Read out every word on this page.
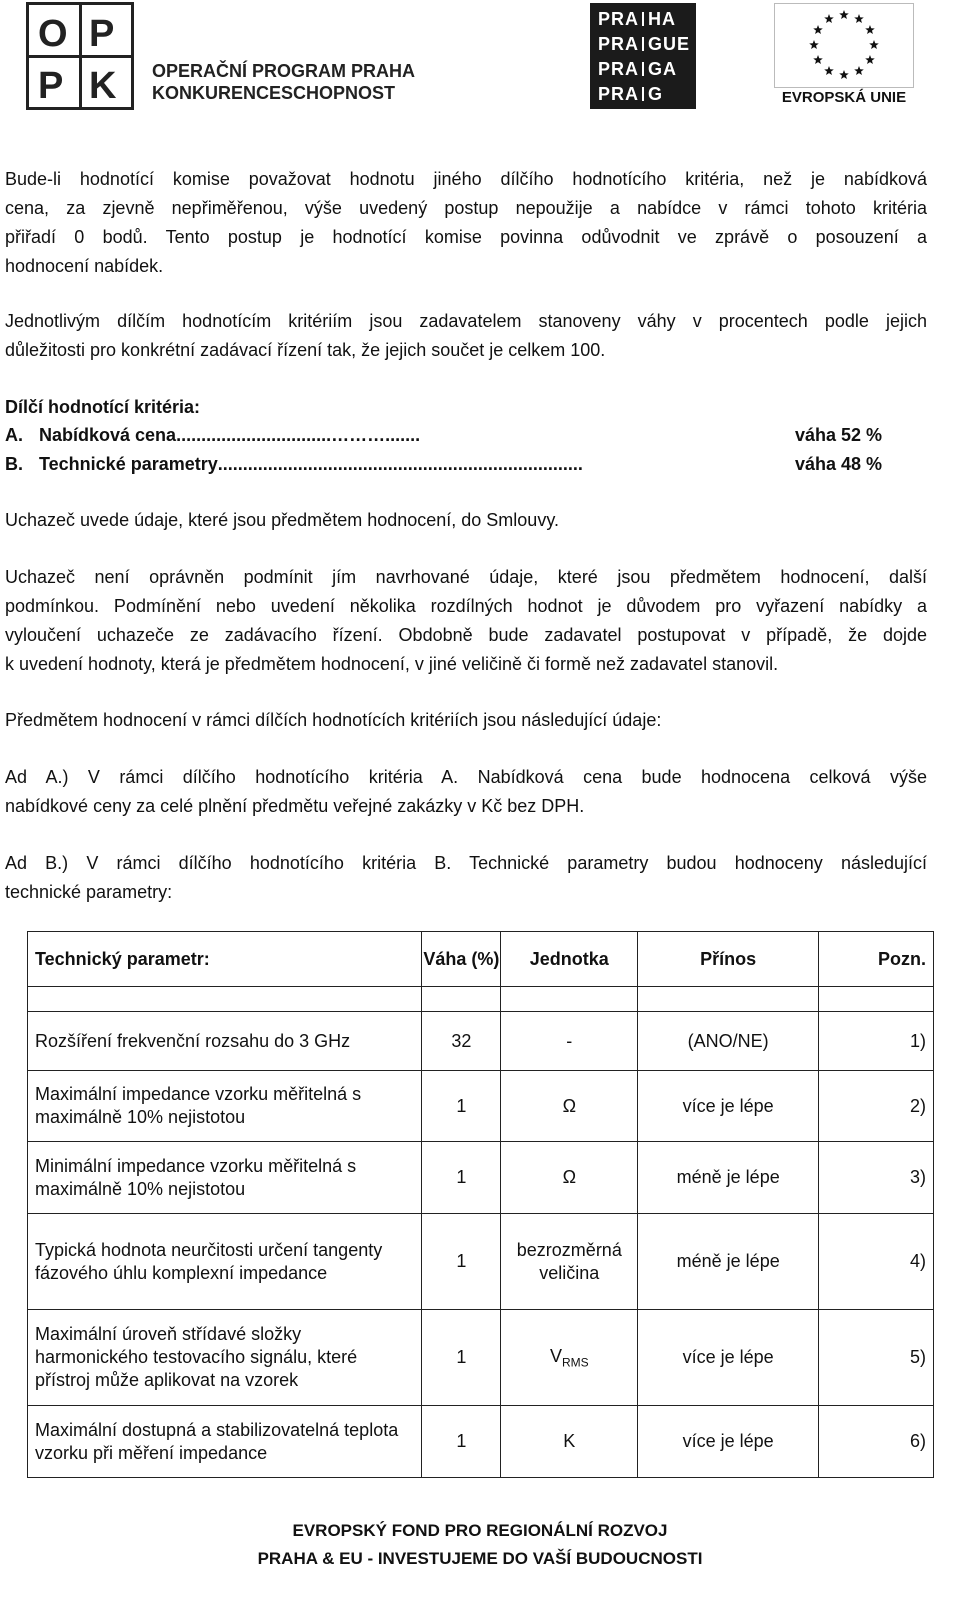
O P
P K OPERAČNÍ PROGRAM PRAHA
KONKURENCESCHOPNOST
PRA HA
PRA GUE
PRA GA
PRA G	EVROPSKÁ UNIE
Bude-li hodnotící komise považovat hodnotu jiného dílčího hodnotícího kritéria, než je nabídková
cena, za zjevně nepřiměřenou, výše uvedený postup nepoužije a nabídce v rámci tohoto kritéria
přiřadí 0 bodů. Tento postup je hodnotící komise povinna odůvodnit ve zprávě o posouzení a
hodnocení nabídek.
Jednotlivým dílčím hodnotícím kritériím jsou zadavatelem stanoveny váhy v procentech podle jejich
důležitosti pro konkrétní zadávací řízení tak, že jejich součet je celkem 100.
Dílčí hodnotící kritéria:
A. Nabídková cena...............................……….......	váha 52 %
B. Technické parametry.........................................................................	váha 48 %
Uchazeč uvede údaje, které jsou předmětem hodnocení, do Smlouvy.
Uchazeč není oprávněn podmínit jím navrhované údaje, které jsou předmětem hodnocení, další
podmínkou. Podmínění nebo uvedení několika rozdílných hodnot je důvodem pro vyřazení nabídky a
vyloučení uchazeče ze zadávacího řízení. Obdobně bude zadavatel postupovat v případě, že dojde
k uvedení hodnoty, která je předmětem hodnocení, v jiné veličině či formě než zadavatel stanovil.
Předmětem hodnocení v rámci dílčích hodnotících kritériích jsou následující údaje:
Ad A.) V rámci dílčího hodnotícího kritéria A. Nabídková cena bude hodnocena celková výše
nabídkové ceny za celé plnění předmětu veřejné zakázky v Kč bez DPH.
Ad B.) V rámci dílčího hodnotícího kritéria B. Technické parametry budou hodnoceny následující
technické parametry:
Technický parametr:	Váha (%)	Jednotka	Přínos	Pozn.

Rozšíření frekvenční rozsahu do 3 GHz	32	-	(ANO/NE)	1)
Maximální impedance vzorku měřitelná s maximálně 10% nejistotou	1	Ω	více je lépe	2)
Minimální impedance vzorku měřitelná s maximálně 10% nejistotou	1	Ω	méně je lépe	3)
Typická hodnota neurčitosti určení tangenty fázového úhlu komplexní impedance	1	bezrozměrná veličina	méně je lépe	4)
Maximální úroveň střídavé složky harmonického testovacího signálu, které přístroj může aplikovat na vzorek	1	$V_{RMS}$	více je lépe	5)
Maximální dostupná a stabilizovatelná teplota vzorku při měření impedance	1	K	více je lépe	6)
EVROPSKÝ FOND PRO REGIONÁLNÍ ROZVOJ
PRAHA & EU - INVESTUJEME DO VAŠÍ BUDOUCNOSTI
